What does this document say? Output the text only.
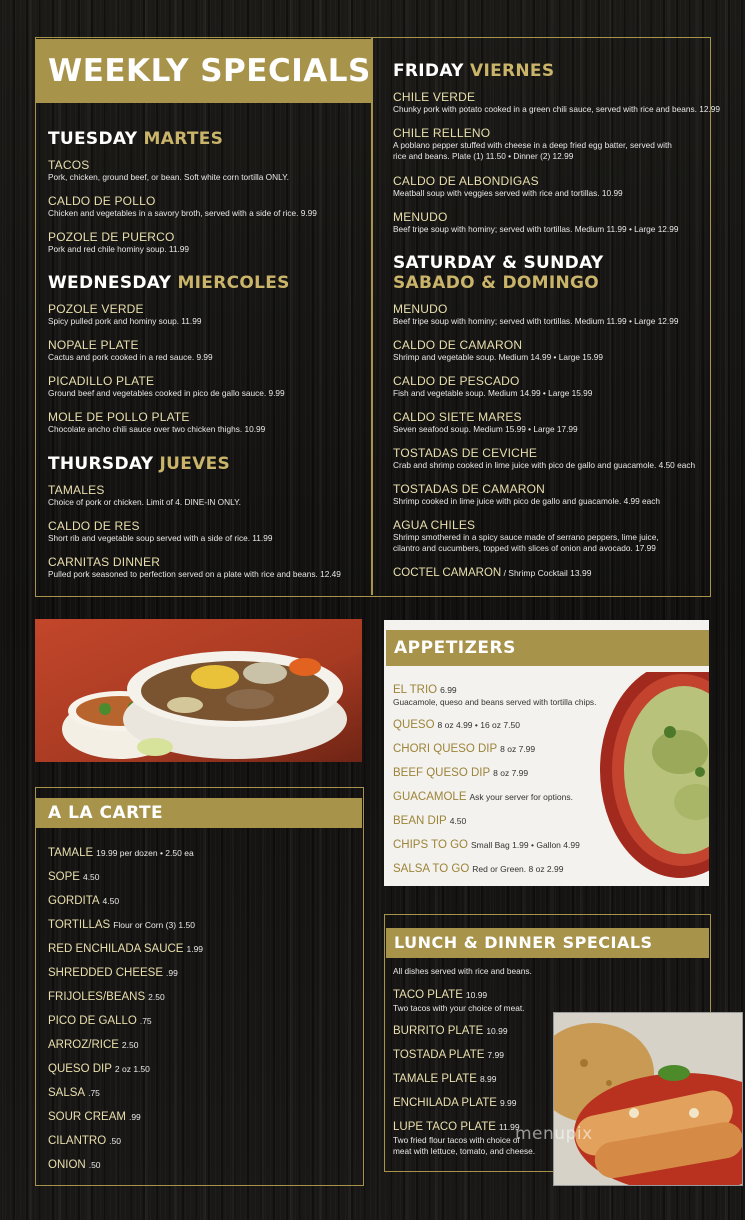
WEEKLY SPECIALS
TUESDAY MARTES
TACOS
Pork, chicken, ground beef, or bean. Soft white corn tortilla ONLY.
CALDO DE POLLO
Chicken and vegetables in a savory broth, served with a side of rice. 9.99
POZOLE DE PUERCO
Pork and red chile hominy soup. 11.99
WEDNESDAY MIERCOLES
POZOLE VERDE
Spicy pulled pork and hominy soup. 11.99
NOPALE PLATE
Cactus and pork cooked in a red sauce. 9.99
PICADILLO PLATE
Ground beef and vegetables cooked in pico de gallo sauce. 9.99
MOLE DE POLLO PLATE
Chocolate ancho chili sauce over two chicken thighs. 10.99
THURSDAY JUEVES
TAMALES
Choice of pork or chicken. Limit of 4. DINE-IN ONLY.
CALDO DE RES
Short rib and vegetable soup served with a side of rice. 11.99
CARNITAS DINNER
Pulled pork seasoned to perfection served on a plate with rice and beans. 12.49
FRIDAY VIERNES
CHILE VERDE
Chunky pork with potato cooked in a green chili sauce, served with rice and beans. 12.99
CHILE RELLENO
A poblano pepper stuffed with cheese in a deep fried egg batter, served with
rice and beans. Plate (1) 11.50 • Dinner (2) 12.99
CALDO DE ALBONDIGAS
Meatball soup with veggies served with rice and tortillas. 10.99
MENUDO
Beef tripe soup with hominy; served with tortillas. Medium 11.99 • Large 12.99
SATURDAY & SUNDAY
SABADO & DOMINGO
MENUDO
Beef tripe soup with hominy; served with tortillas. Medium 11.99 • Large 12.99
CALDO DE CAMARON
Shrimp and vegetable soup. Medium 14.99 • Large 15.99
CALDO DE PESCADO
Fish and vegetable soup. Medium 14.99 • Large 15.99
CALDO SIETE MARES
Seven seafood soup. Medium 15.99 • Large 17.99
TOSTADAS DE CEVICHE
Crab and shrimp cooked in lime juice with pico de gallo and guacamole. 4.50 each
TOSTADAS DE CAMARON
Shrimp cooked in lime juice with pico de gallo and guacamole. 4.99 each
AGUA CHILES
Shrimp smothered in a spicy sauce made of serrano peppers, lime juice,
cilantro and cucumbers, topped with slices of onion and avocado. 17.99
COCTEL CAMARON / Shrimp Cocktail 13.99
A LA CARTE
TAMALE 19.99 per dozen • 2.50 ea
SOPE 4.50
GORDITA 4.50
TORTILLAS Flour or Corn (3) 1.50
RED ENCHILADA SAUCE 1.99
SHREDDED CHEESE .99
FRIJOLES/BEANS 2.50
PICO DE GALLO .75
ARROZ/RICE 2.50
QUESO DIP 2 oz 1.50
SALSA .75
SOUR CREAM .99
CILANTRO .50
ONION .50
APPETIZERS
EL TRIO 6.99
Guacamole, queso and beans served with tortilla chips.
QUESO 8 oz 4.99 • 16 oz 7.50
CHORI QUESO DIP 8 oz 7.99
BEEF QUESO DIP 8 oz 7.99
GUACAMOLE Ask your server for options.
BEAN DIP 4.50
CHIPS TO GO Small Bag 1.99 • Gallon 4.99
SALSA TO GO Red or Green. 8 oz 2.99
LUNCH & DINNER SPECIALS
All dishes served with rice and beans.
TACO PLATE 10.99
Two tacos with your choice of meat.
BURRITO PLATE 10.99
TOSTADA PLATE 7.99
TAMALE PLATE 8.99
ENCHILADA PLATE 9.99
LUPE TACO PLATE 11.99
Two fried flour tacos with choice of
meat with lettuce, tomato, and cheese.
menupix
